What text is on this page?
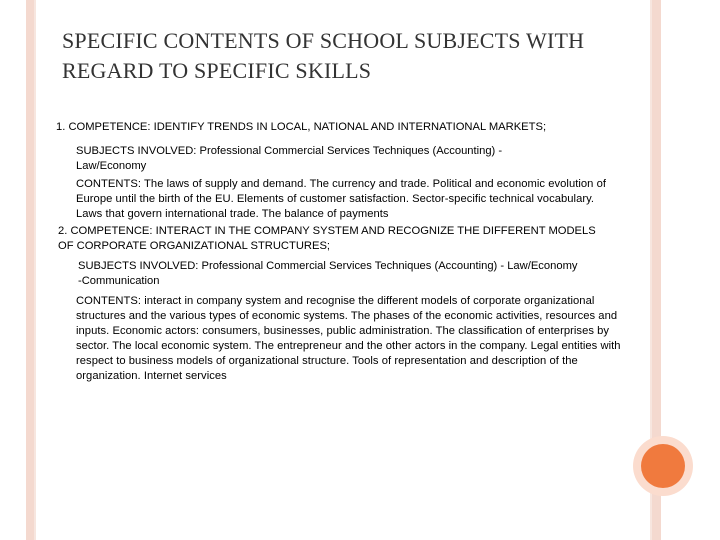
SPECIFIC CONTENTS OF SCHOOL SUBJECTS WITH REGARD TO SPECIFIC SKILLS

1. COMPETENCE: IDENTIFY TRENDS IN LOCAL, NATIONAL AND INTERNATIONAL MARKETS;

SUBJECTS INVOLVED: Professional Commercial Services Techniques (Accounting) - Law/Economy

CONTENTS: The laws of supply and demand. The currency and trade. Political and economic evolution of Europe until the birth of the EU. Elements of customer satisfaction. Sector-specific technical vocabulary. Laws that govern international trade. The balance of payments

2. COMPETENCE: INTERACT IN THE COMPANY SYSTEM AND RECOGNIZE THE DIFFERENT MODELS OF CORPORATE ORGANIZATIONAL STRUCTURES;

SUBJECTS INVOLVED: Professional Commercial Services Techniques (Accounting) - Law/Economy -Communication

CONTENTS: interact in company system and recognise the different models of corporate organizational structures and the various types of economic systems. The phases of the economic activities, resources and inputs. Economic actors: consumers, businesses, public administration. The classification of enterprises by sector. The local economic system. The entrepreneur and the other actors in the company. Legal entities with respect to business models of organizational structure. Tools of representation and description of the organization. Internet services
